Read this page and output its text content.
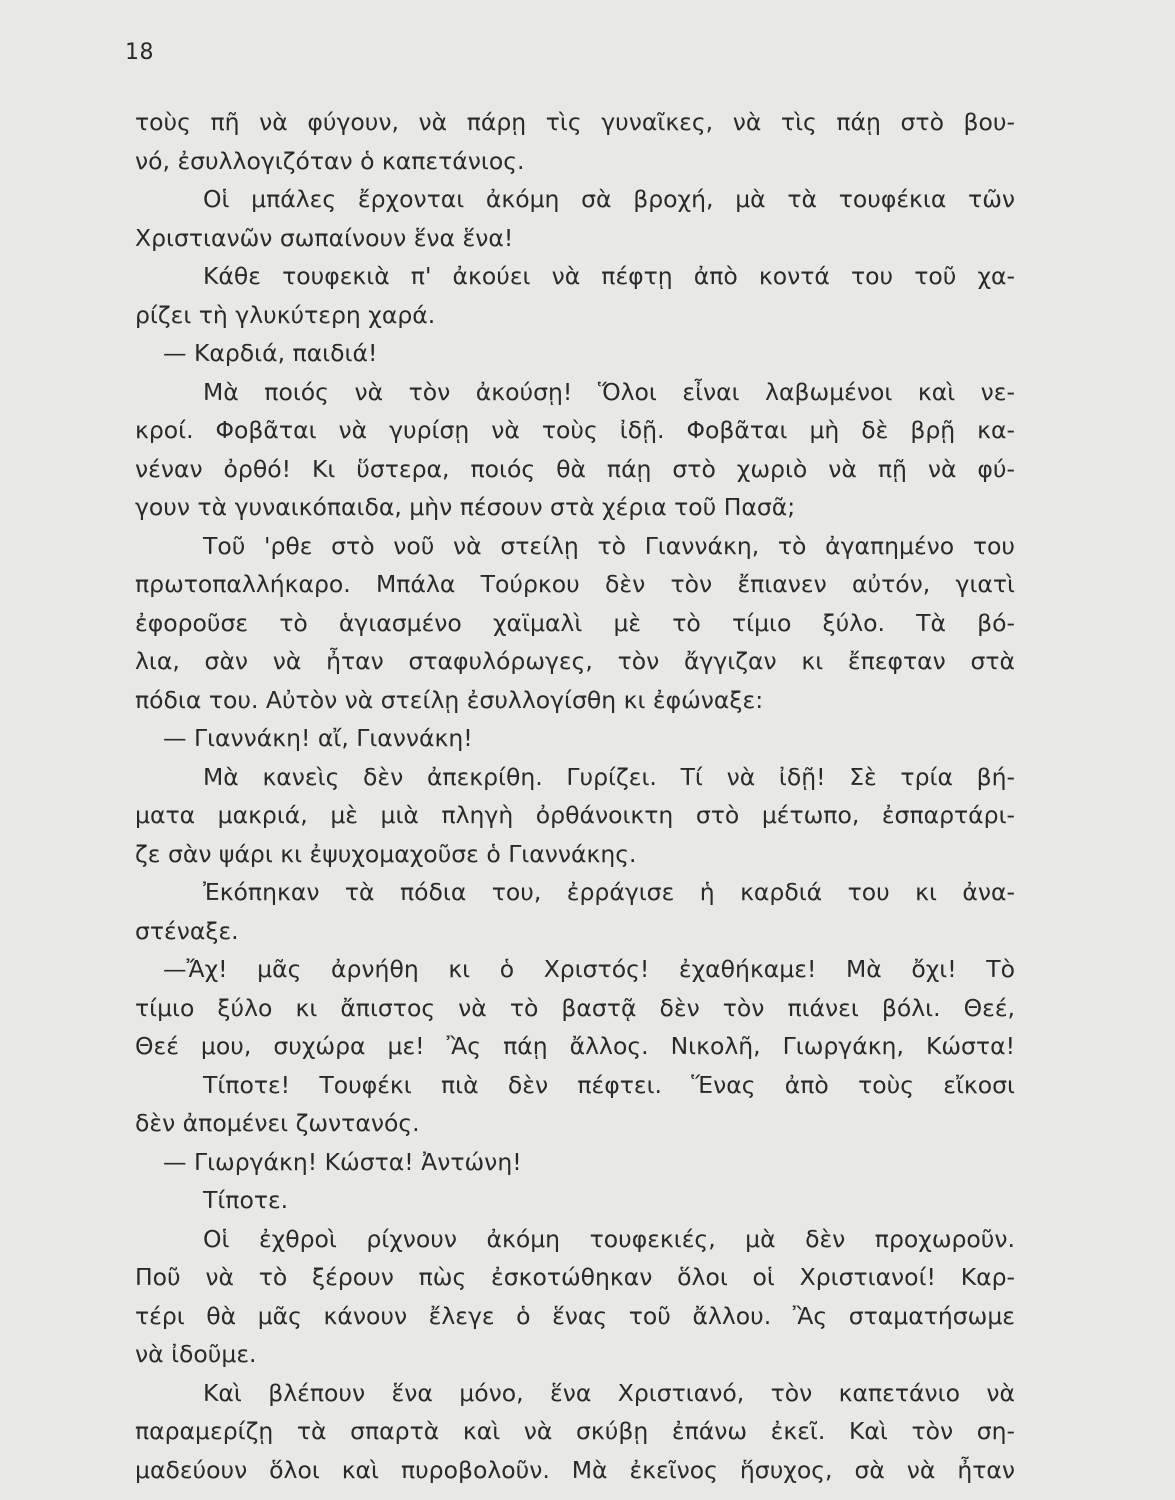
18
τοὺς πῆ νὰ φύγουν, νὰ πάρῃ τὶς γυναῖκες, νὰ τὶς πάῃ στὸ βου-
νό, ἐσυλλογιζόταν ὁ καπετάνιος.
Οἱ μπάλες ἔρχονται ἀκόμη σὰ βροχή, μὰ τὰ τουφέκια τῶν
Χριστιανῶν σωπαίνουν ἕνα ἕνα!
Κάθε τουφεκιὰ π' ἀκούει νὰ πέφτῃ ἀπὸ κοντά του τοῦ χα-
ρίζει τὴ γλυκύτερη χαρά.
— Καρδιά, παιδιά!
Μὰ ποιός νὰ τὸν ἀκούσῃ! Ὅλοι εἶναι λαβωμένοι καὶ νε-
κροί. Φοβᾶται νὰ γυρίσῃ νὰ τοὺς ἰδῇ. Φοβᾶται μὴ δὲ βρῇ κα-
νέναν ὀρθό! Κι ὕστερα, ποιός θὰ πάῃ στὸ χωριὸ νὰ πῇ νὰ φύ-
γουν τὰ γυναικόπαιδα, μὴν πέσουν στὰ χέρια τοῦ Πασᾶ;
Τοῦ 'ρθε στὸ νοῦ νὰ στείλῃ τὸ Γιαννάκη, τὸ ἀγαπημένο του
πρωτοπαλλήκαρο. Μπάλα Τούρκου δὲν τὸν ἔπιανεν αὐτόν, γιατὶ
ἐφοροῦσε τὸ ἁγιασμένο χαϊμαλὶ μὲ τὸ τίμιο ξύλο. Τὰ βό-
λια, σὰν νὰ ἦταν σταφυλόρωγες, τὸν ἄγγιζαν κι ἔπεφταν στὰ
πόδια του. Αὐτὸν νὰ στείλῃ ἐσυλλογίσθη κι ἐφώναξε:
— Γιαννάκη! αἴ, Γιαννάκη!
Μὰ κανεὶς δὲν ἀπεκρίθη. Γυρίζει. Τί νὰ ἰδῇ! Σὲ τρία βή-
ματα μακριά, μὲ μιὰ πληγὴ ὀρθάνοικτη στὸ μέτωπο, ἐσπαρτάρι-
ζε σὰν ψάρι κι ἐψυχομαχοῦσε ὁ Γιαννάκης.
Ἐκόπηκαν τὰ πόδια του, ἐρράγισε ἡ καρδιά του κι ἀνα-
στέναξε.
—Ἄχ! μᾶς ἀρνήθη κι ὁ Χριστός! ἐχαθήκαμε! Μὰ ὄχι! Τὸ
τίμιο ξύλο κι ἄπιστος νὰ τὸ βαστᾷ δὲν τὸν πιάνει βόλι. Θεέ,
Θεέ μου, συχώρα με! Ἂς πάῃ ἄλλος. Νικολῆ, Γιωργάκη, Κώστα!
Τίποτε! Τουφέκι πιὰ δὲν πέφτει. Ἕνας ἀπὸ τοὺς εἴκοσι
δὲν ἀπομένει ζωντανός.
— Γιωργάκη! Κώστα! Ἀντώνη!
Τίποτε.
Οἱ ἐχθροὶ ρίχνουν ἀκόμη τουφεκιές, μὰ δὲν προχωροῦν.
Ποῦ νὰ τὸ ξέρουν πὼς ἐσκοτώθηκαν ὅλοι οἱ Χριστιανοί! Καρ-
τέρι θὰ μᾶς κάνουν ἔλεγε ὁ ἕνας τοῦ ἄλλου. Ἂς σταματήσωμε
νὰ ἰδοῦμε.
Καὶ βλέπουν ἕνα μόνο, ἕνα Χριστιανό, τὸν καπετάνιο νὰ
παραμερίζῃ τὰ σπαρτὰ καὶ νὰ σκύβῃ ἐπάνω ἐκεῖ. Καὶ τὸν ση-
μαδεύουν ὅλοι καὶ πυροβολοῦν. Μὰ ἐκεῖνος ἥσυχος, σὰ νὰ ἦταν
